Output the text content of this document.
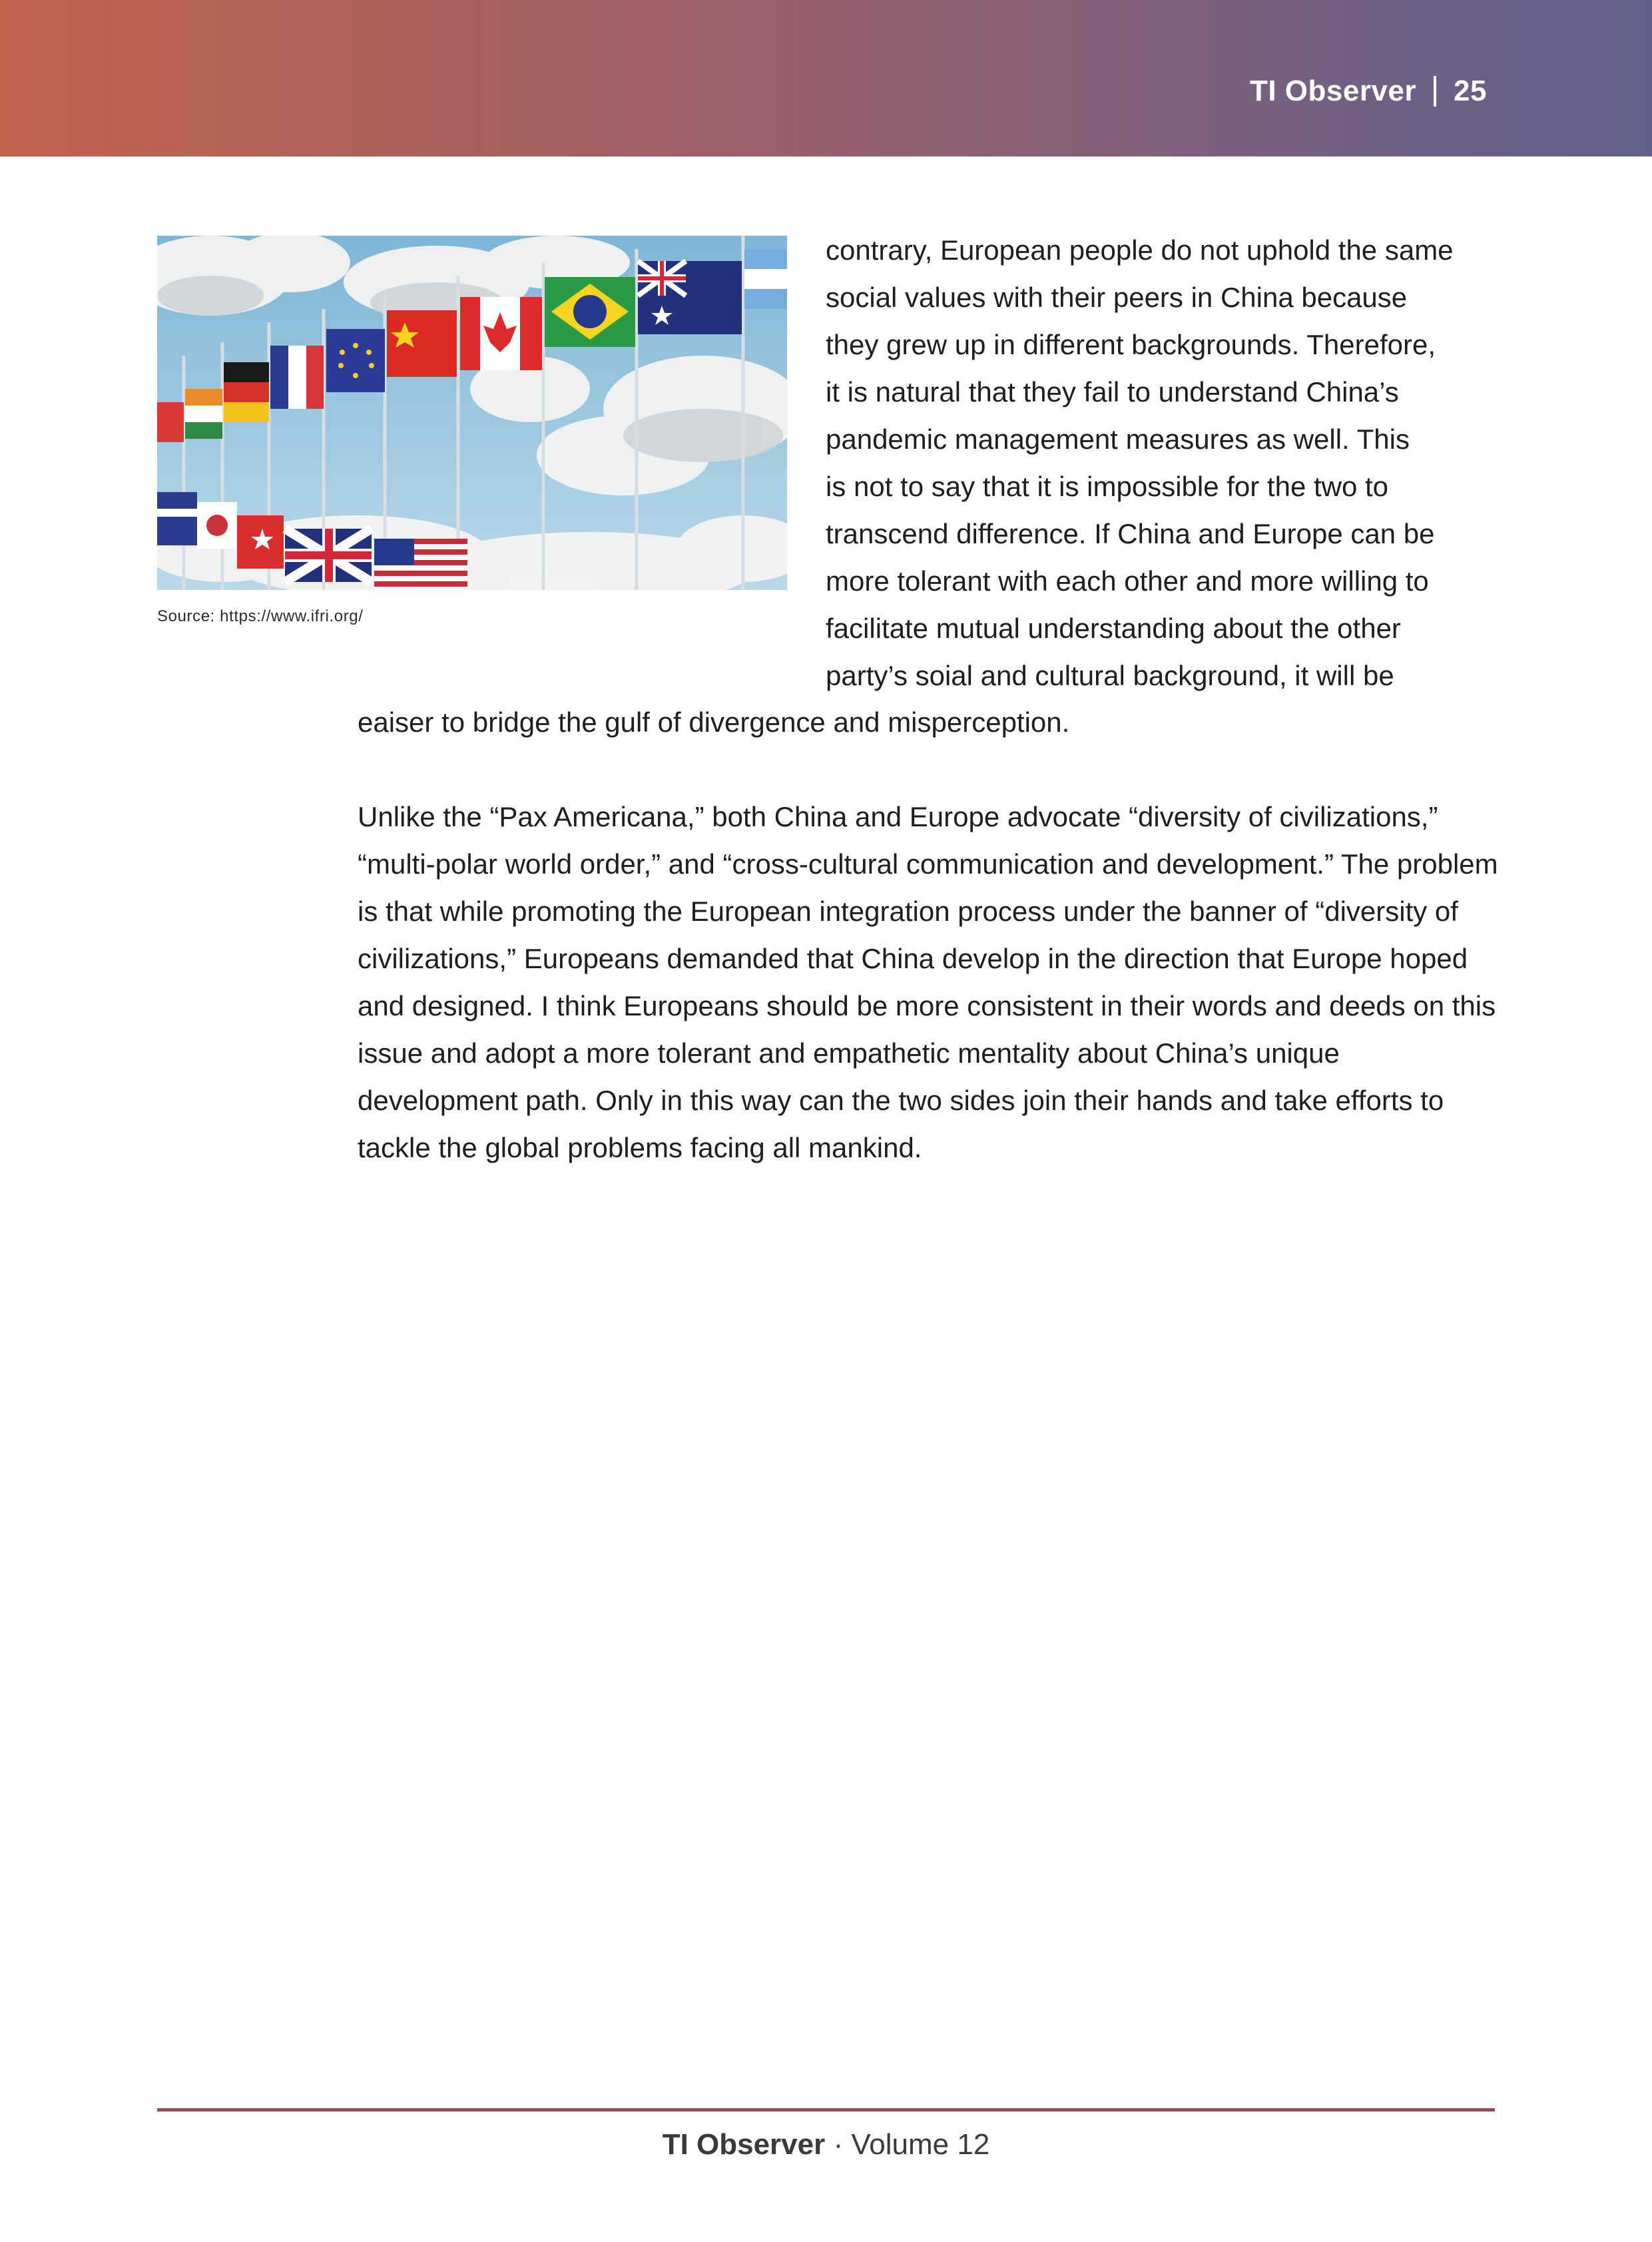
TI Observer 25
Source: https://www.ifri.org/

contrary, European people do not uphold the same

social values with their peers in China because

they grew up in different backgrounds. Therefore,

it is natural that they fail to understand China’s

pandemic management measures as well. This

is not to say that it is impossible for the two to

transcend difference. If China and Europe can be

more tolerant with each other and more willing to

facilitate mutual understanding about the other

party’s soial and cultural background, it will be

eaiser to bridge the gulf of divergence and misperception.

Unlike the “Pax Americana,” both China and Europe advocate “diversity of civilizations,” “multi-polar world order,” and “cross-cultural communication and development.” The problem is that while promoting the European integration process under the banner of “diversity of civilizations,” Europeans demanded that China develop in the direction that Europe hoped and designed. I think Europeans should be more consistent in their words and deeds on this issue and adopt a more tolerant and empathetic mentality about China’s unique development path. Only in this way can the two sides join their hands and take efforts to tackle the global problems facing all mankind.

TI Observer · Volume 12
